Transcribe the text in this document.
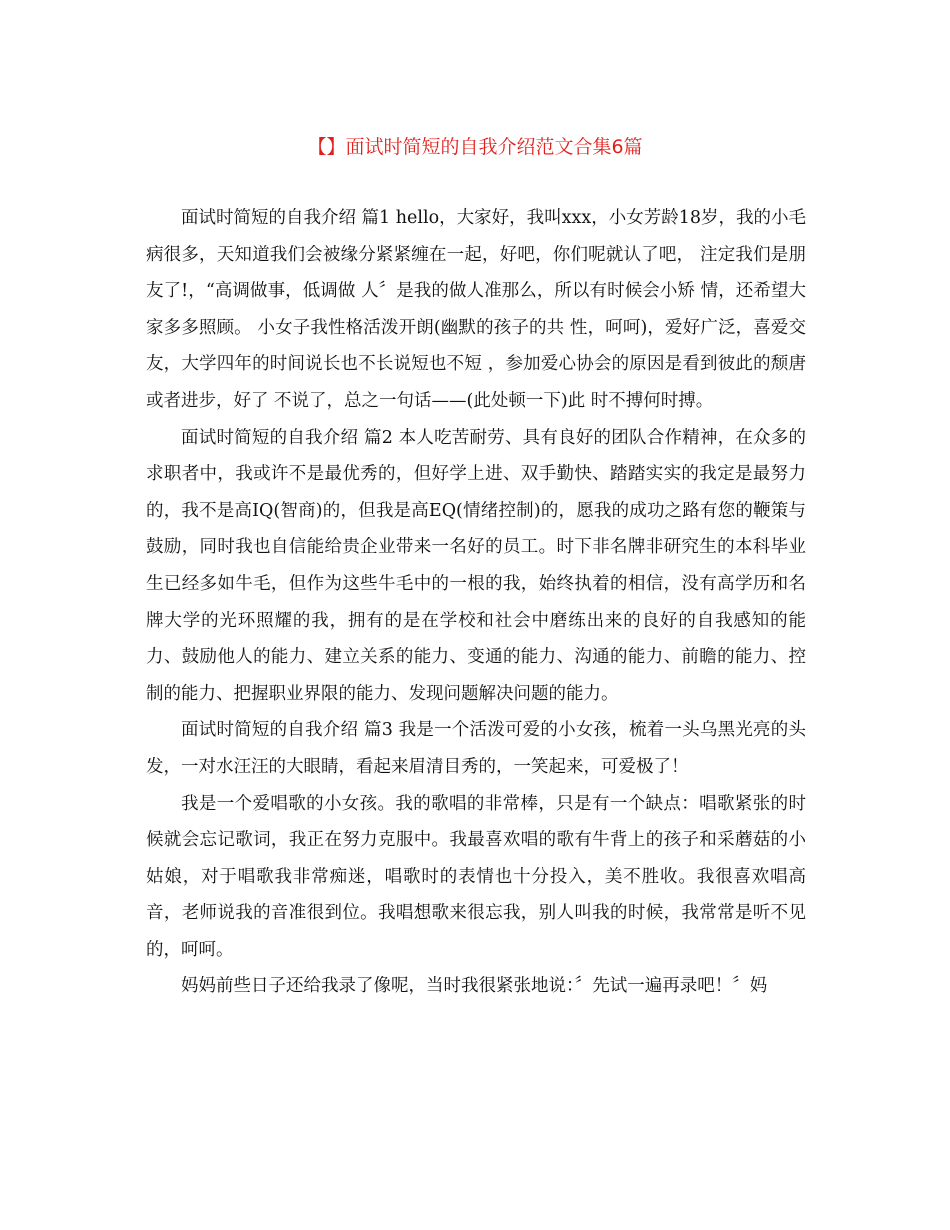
【】面试时简短的自我介绍范文合集6篇

面试时简短的自我介绍 篇1 hello，大家好，我叫xxx，小女芳龄18岁，我的小毛病很多，天知道我们会被缘分紧紧缠在一起，好吧，你们呢就认了吧， 注定我们是朋友了!，“高调做事，低调做 人〞是我的做人准那么，所以有时候会小矫 情，还希望大家多多照顾。 小女子我性格活泼开朗(幽默的孩子的共 性，呵呵)，爱好广泛，喜爱交友，大学四年的时间说长也不长说短也不短 ，参加爱心协会的原因是看到彼此的颓唐或者进步，好了 不说了，总之一句话——(此处顿一下)此 时不搏何时搏。

面试时简短的自我介绍 篇2 本人吃苦耐劳、具有良好的团队合作精神，在众多的求职者中，我或许不是最优秀的，但好学上进、双手勤快、踏踏实实的我定是最努力的，我不是高IQ(智商)的，但我是高EQ(情绪控制)的，愿我的成功之路有您的鞭策与鼓励，同时我也自信能给贵企业带来一名好的员工。时下非名牌非研究生的本科毕业生已经多如牛毛，但作为这些牛毛中的一根的我，始终执着的相信，没有高学历和名牌大学的光环照耀的我，拥有的是在学校和社会中磨练出来的良好的自我感知的能力、鼓励他人的能力、建立关系的能力、变通的能力、沟通的能力、前瞻的能力、控制的能力、把握职业界限的能力、发现问题解决问题的能力。

面试时简短的自我介绍 篇3 我是一个活泼可爱的小女孩，梳着一头乌黑光亮的头发，一对水汪汪的大眼睛，看起来眉清目秀的，一笑起来，可爱极了！

我是一个爱唱歌的小女孩。我的歌唱的非常棒，只是有一个缺点：唱歌紧张的时候就会忘记歌词，我正在努力克服中。我最喜欢唱的歌有牛背上的孩子和采蘑菇的小姑娘，对于唱歌我非常痴迷，唱歌时的表情也十分投入，美不胜收。我很喜欢唱高音，老师说我的音准很到位。我唱想歌来很忘我，别人叫我的时候，我常常是听不见的，呵呵。

妈妈前些日子还给我录了像呢，当时我很紧张地说：〞先试一遍再录吧！〞妈
